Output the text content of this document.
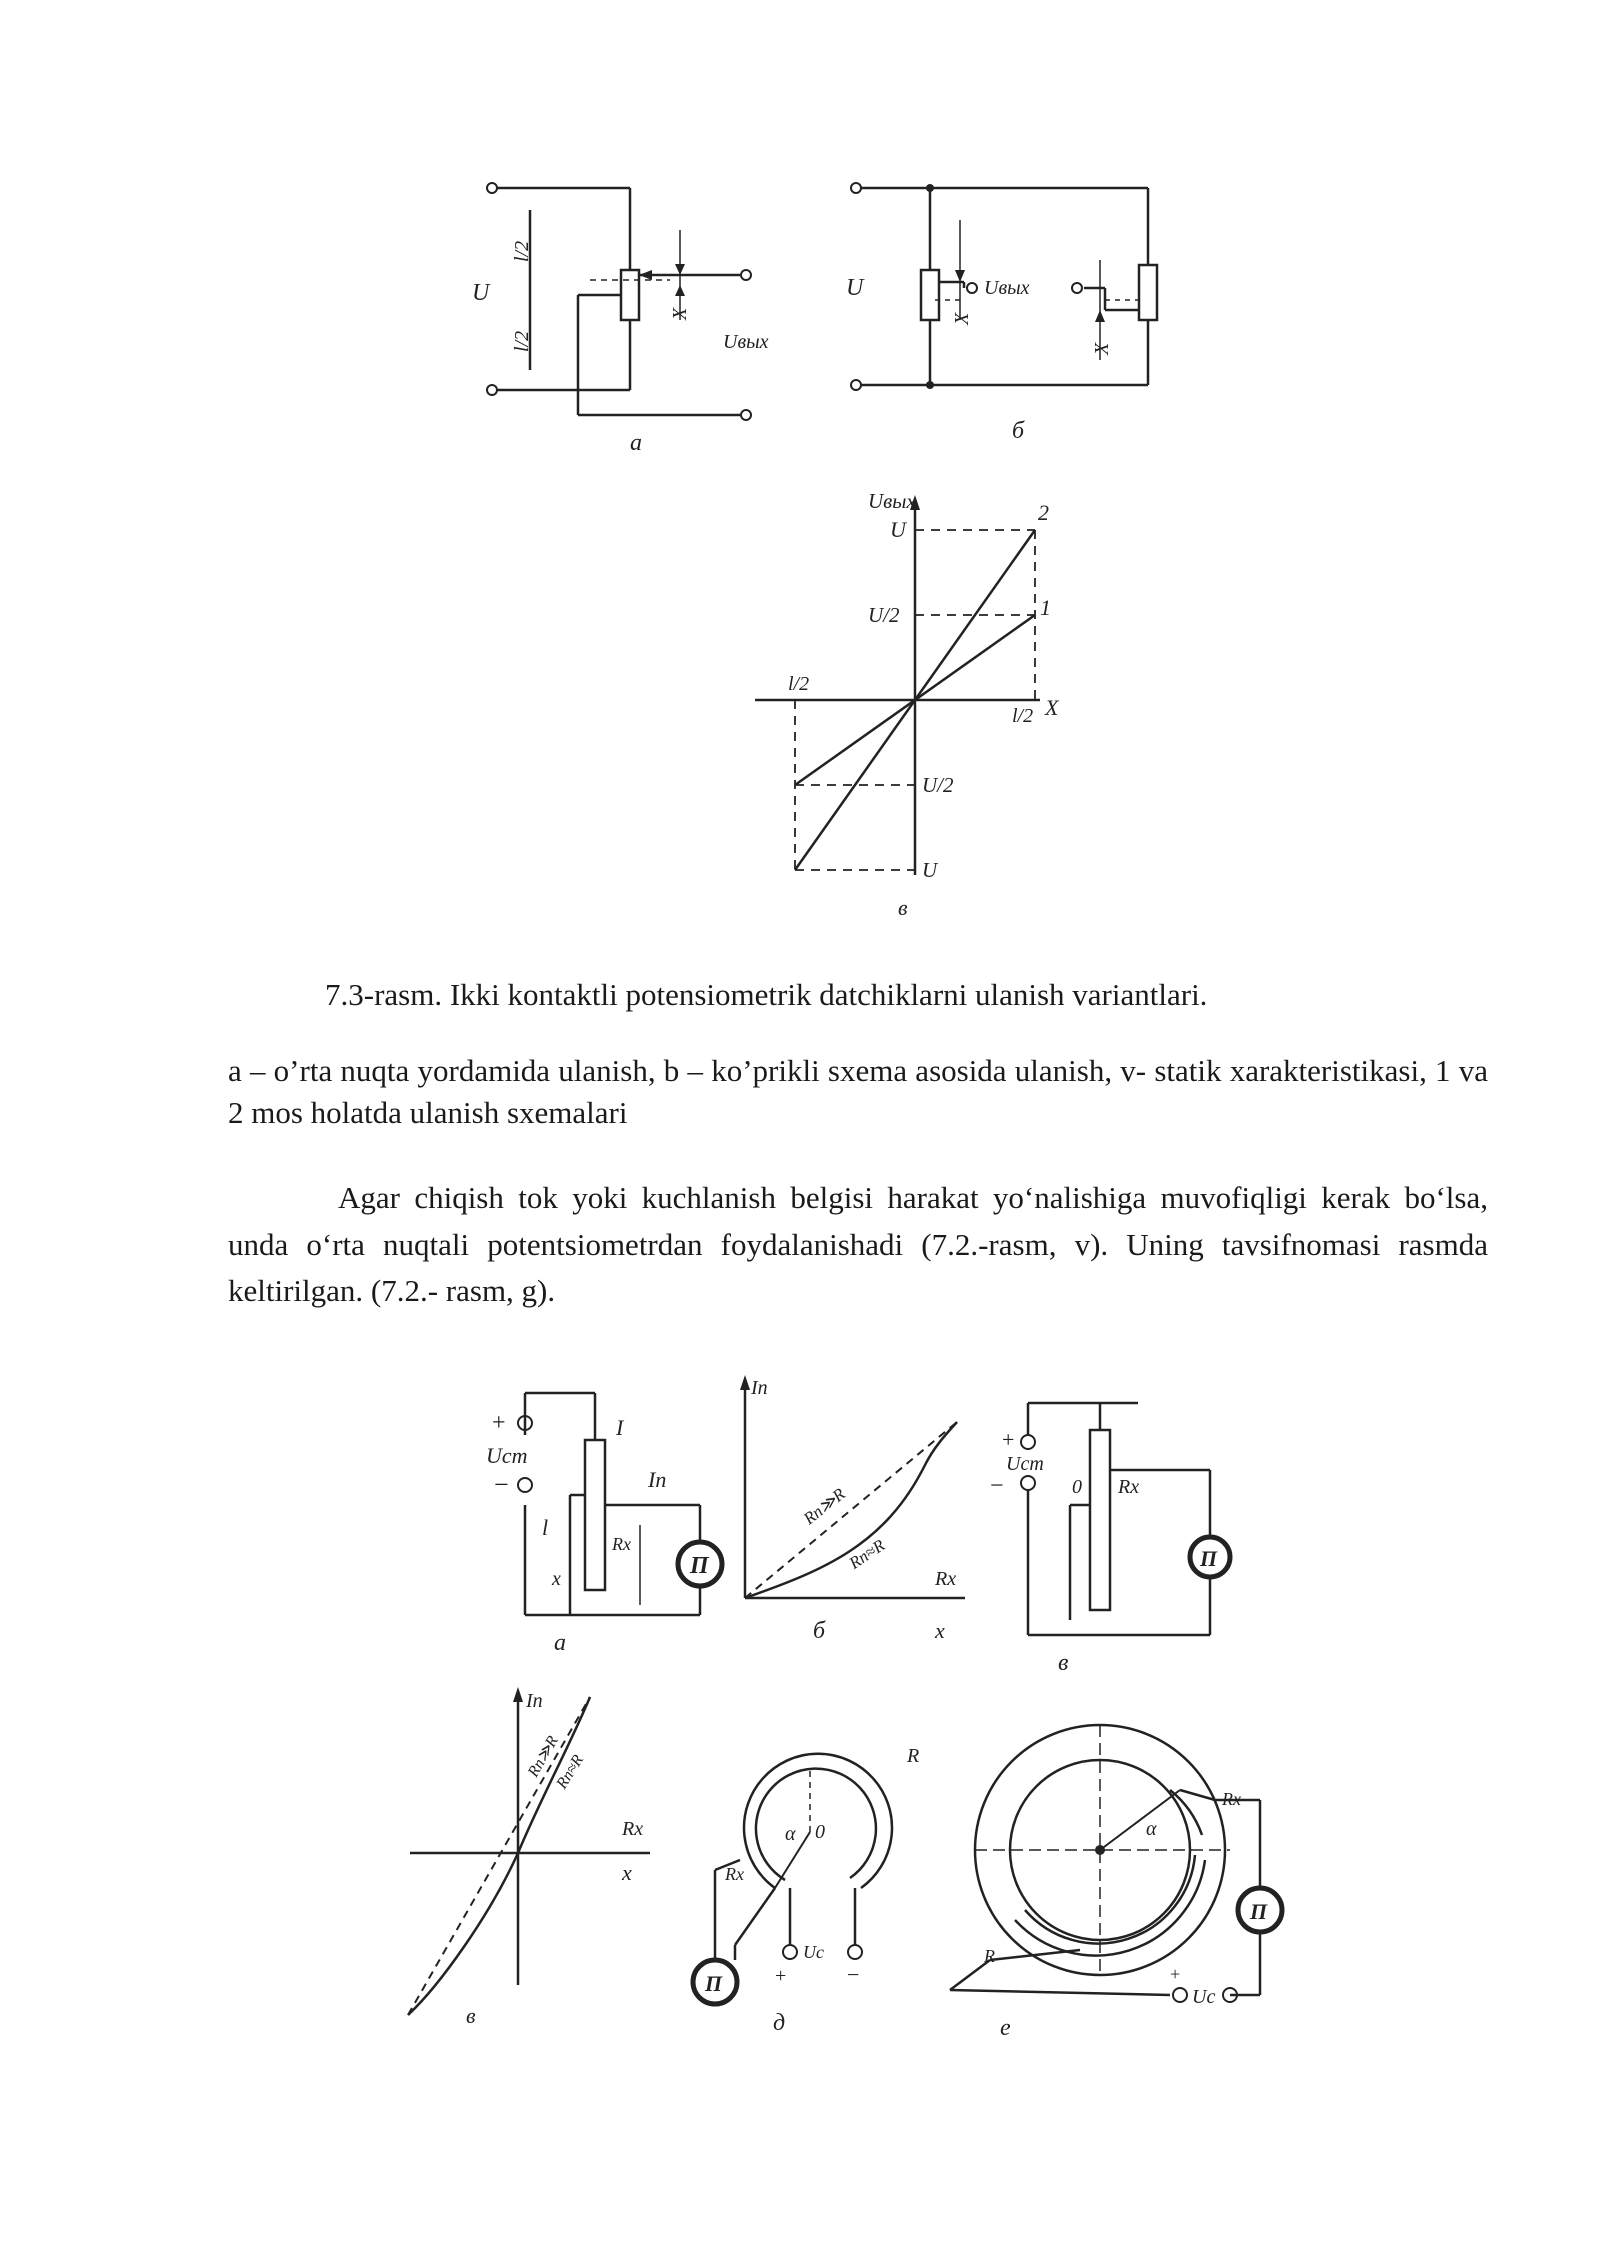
U
l/2
l/2
X
Uвых
а
U
X
X
Uвых
б
Uвых
X
U
U/2
U/2
U
l/2
l/2
2
1
в
7.3-rasm. Ikki kontaktli potensiometrik datchiklarni ulanish variantlari.
a – o’rta nuqta yordamida ulanish, b – ko’prikli sxema asosida ulanish, v- statik xarakteristikasi, 1 va 2 mos holatda ulanish sxemalari
Agar chiqish tok yoki kuchlanish belgisi harakat yo‘nalishiga muvofiqligi kerak bo‘lsa, unda o‘rta nuqtali potentsiometrdan foydalanishadi (7.2.-rasm, v). Uning tavsifnomasi rasmda keltirilgan. (7.2.- rasm, g).
П
+
Uст
−
I
Iп
l
x
Rx
а
Iп
Rп≫R
Rп≈R
Rx
x
б
П
+
Uст
−	0 Rx
в
Iп
Rп≫R
Rп≈R
Rx
x
в
П
R
0
α
Rx
Uc
+	−
д
П
α
Rx
R
+
Uc −
е
